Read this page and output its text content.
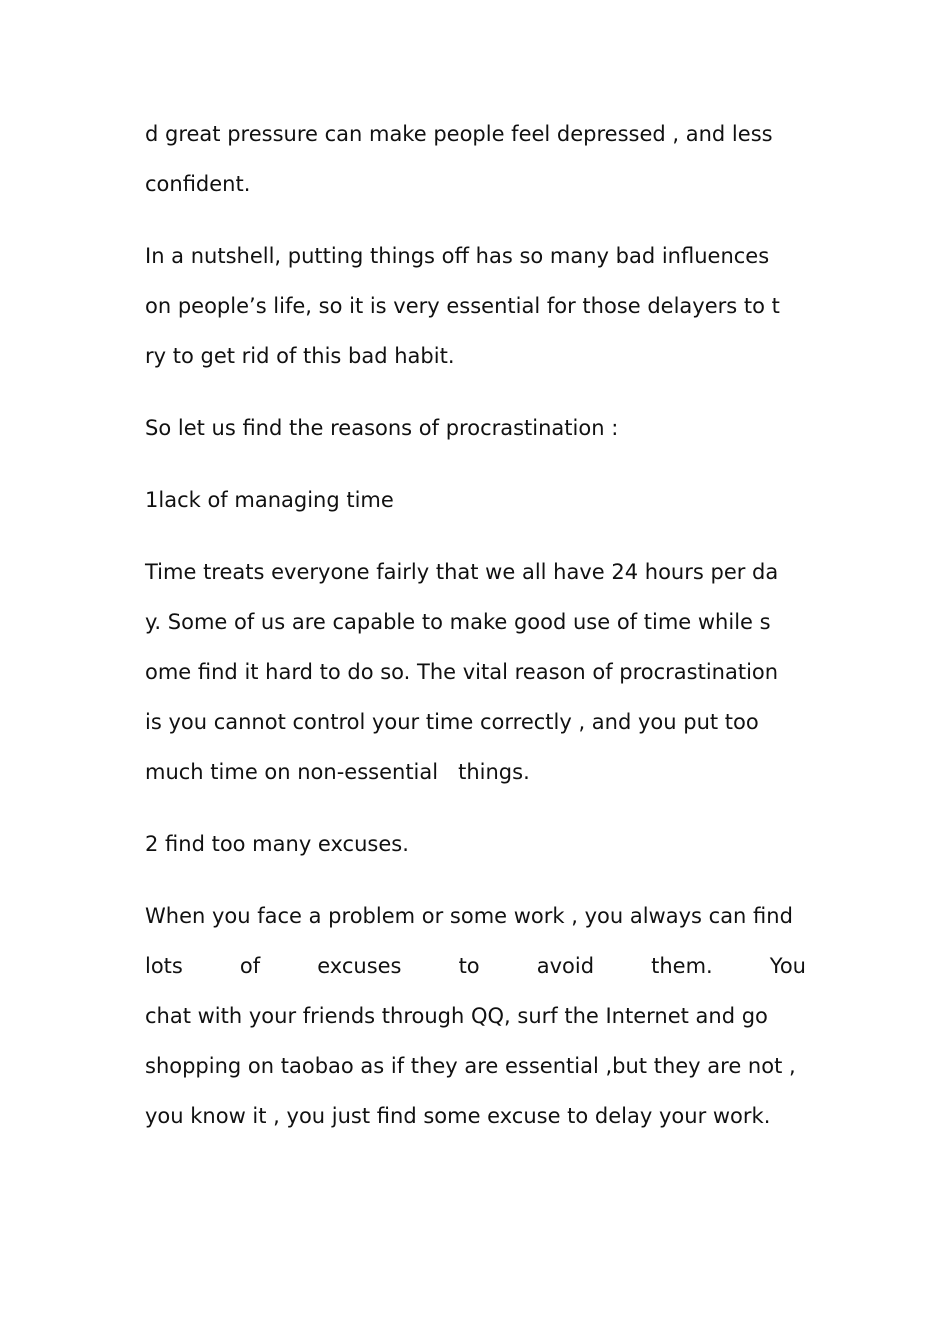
d great pressure can make people feel depressed , and less
confident.
In a nutshell, putting things off has so many bad influences
on people’s life, so it is very essential for those delayers to t
ry to get rid of this bad habit.
So let us find the reasons of procrastination :
1lack of managing time
Time treats everyone fairly that we all have 24 hours per da
y. Some of us are capable to make good use of time while s
ome find it hard to do so. The vital reason of procrastination
is you cannot control your time correctly , and you put too
much time on non-essential   things.
2 find too many excuses.
When you face a problem or some work , you always can find
lots	of	excuses	to	avoid	them.	You
chat with your friends through QQ, surf the Internet and go
shopping on taobao as if they are essential ,but they are not ,
you know it , you just find some excuse to delay your work.
